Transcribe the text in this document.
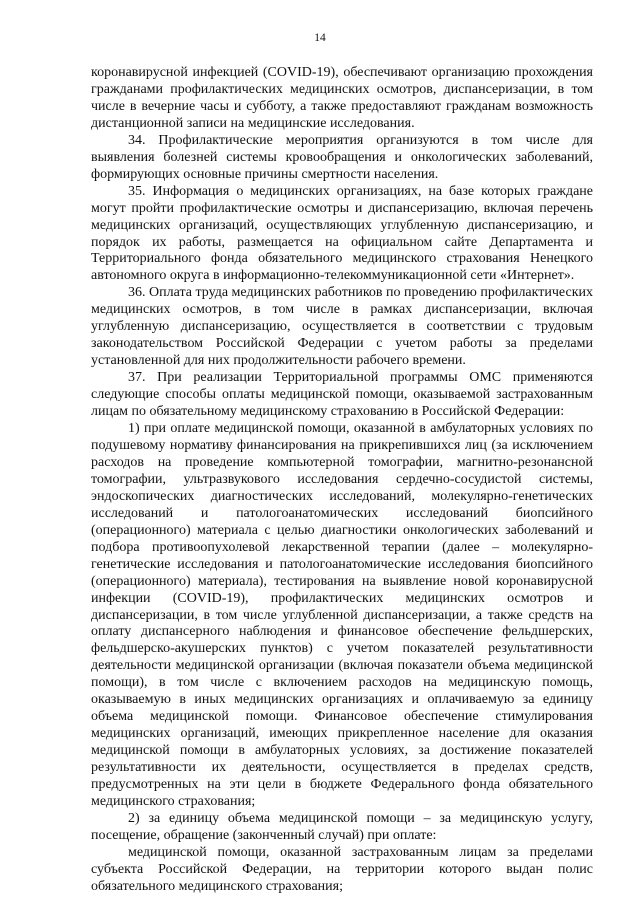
14

коронавирусной инфекцией (COVID-19), обеспечивают организацию прохождения гражданами профилактических медицинских осмотров, диспансеризации, в том числе в вечерние часы и субботу, а также предоставляют гражданам возможность дистанционной записи на медицинские исследования.

34. Профилактические мероприятия организуются в том числе для выявления болезней системы кровообращения и онкологических заболеваний, формирующих основные причины смертности населения.

35. Информация о медицинских организациях, на базе которых граждане могут пройти профилактические осмотры и диспансеризацию, включая перечень медицинских организаций, осуществляющих углубленную диспансеризацию, и порядок их работы, размещается на официальном сайте Департамента и Территориального фонда обязательного медицинского страхования Ненецкого автономного округа в информационно-телекоммуникационной сети «Интернет».

36. Оплата труда медицинских работников по проведению профилактических медицинских осмотров, в том числе в рамках диспансеризации, включая углубленную диспансеризацию, осуществляется в соответствии с трудовым законодательством Российской Федерации с учетом работы за пределами установленной для них продолжительности рабочего времени.

37. При реализации Территориальной программы ОМС применяются следующие способы оплаты медицинской помощи, оказываемой застрахованным лицам по обязательному медицинскому страхованию в Российской Федерации:

1) при оплате медицинской помощи, оказанной в амбулаторных условиях по подушевому нормативу финансирования на прикрепившихся лиц (за исключением расходов на проведение компьютерной томографии, магнитно-резонансной томографии, ультразвукового исследования сердечно-сосудистой системы, эндоскопических диагностических исследований, молекулярно-генетических исследований и патологоанатомических исследований биопсийного (операционного) материала с целью диагностики онкологических заболеваний и подбора противоопухолевой лекарственной терапии (далее – молекулярно-генетические исследования и патологоанатомические исследования биопсийного (операционного) материала), тестирования на выявление новой коронавирусной инфекции (COVID-19), профилактических медицинских осмотров и диспансеризации, в том числе углубленной диспансеризации, а также средств на оплату диспансерного наблюдения и финансовое обеспечение фельдшерских, фельдшерско-акушерских пунктов) с учетом показателей результативности деятельности медицинской организации (включая показатели объема медицинской помощи), в том числе с включением расходов на медицинскую помощь, оказываемую в иных медицинских организациях и оплачиваемую за единицу объема медицинской помощи. Финансовое обеспечение стимулирования медицинских организаций, имеющих прикрепленное население для оказания медицинской помощи в амбулаторных условиях, за достижение показателей результативности их деятельности, осуществляется в пределах средств, предусмотренных на эти цели в бюджете Федерального фонда обязательного медицинского страхования;

2) за единицу объема медицинской помощи – за медицинскую услугу, посещение, обращение (законченный случай) при оплате:

медицинской помощи, оказанной застрахованным лицам за пределами субъекта Российской Федерации, на территории которого выдан полис обязательного медицинского страхования;
